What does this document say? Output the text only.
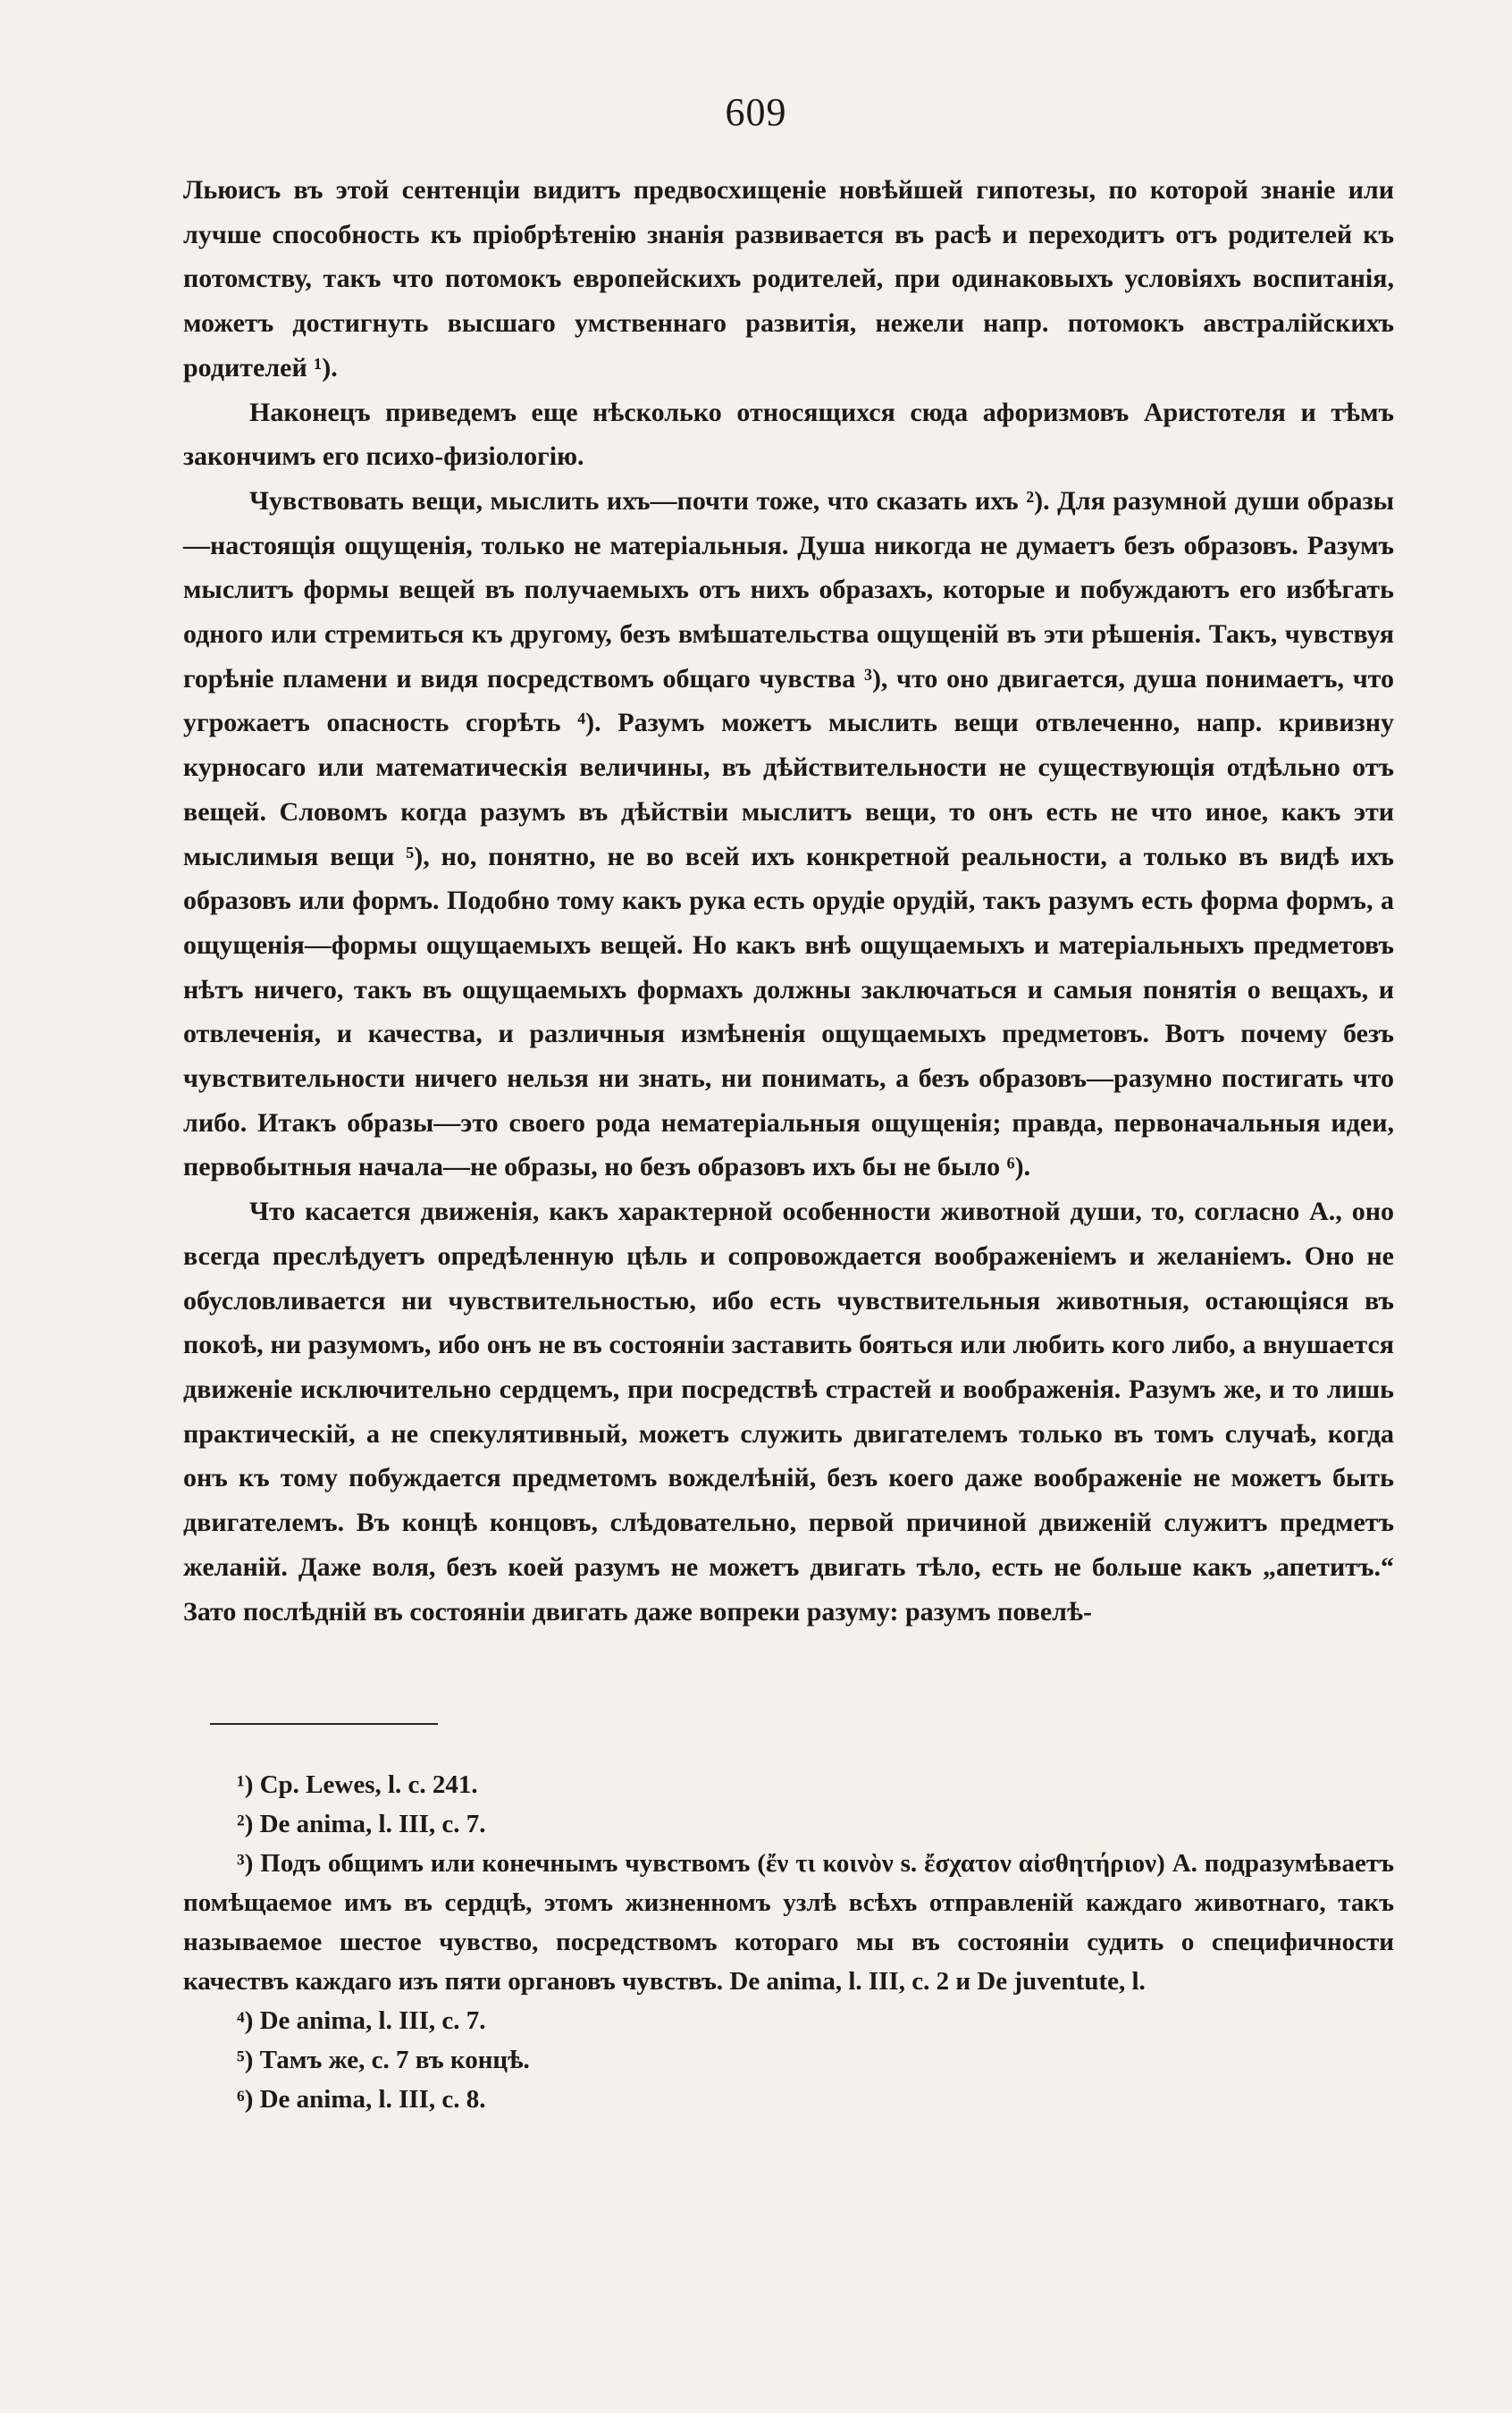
609

Льюисъ въ этой сентенціи видитъ предвосхищеніе новѣйшей гипотезы, по которой знаніе или лучше способность къ пріобрѣтенію знанія развивается въ расѣ и переходитъ отъ родителей къ потомству, такъ что потомокъ европейскихъ родителей, при одинаковыхъ условіяхъ воспитанія, можетъ достигнуть высшаго умственнаго развитія, нежели напр. потомокъ австралійскихъ родителей ¹).

Наконецъ приведемъ еще нѣсколько относящихся сюда афоризмовъ Аристотеля и тѣмъ закончимъ его психо-физіологію.

Чувствовать вещи, мыслить ихъ—почти тоже, что сказать ихъ ²). Для разумной души образы—настоящія ощущенія, только не матеріальныя. Душа никогда не думаетъ безъ образовъ. Разумъ мыслитъ формы вещей въ получаемыхъ отъ нихъ образахъ, которые и побуждаютъ его избѣгать одного или стремиться къ другому, безъ вмѣшательства ощущеній въ эти рѣшенія. Такъ, чувствуя горѣніе пламени и видя посредствомъ общаго чувства ³), что оно двигается, душа понимаетъ, что угрожаетъ опасность сгорѣть ⁴). Разумъ можетъ мыслить вещи отвлеченно, напр. кривизну курносаго или математическія величины, въ дѣйствительности не существующія отдѣльно отъ вещей. Словомъ когда разумъ въ дѣйствіи мыслитъ вещи, то онъ есть не что иное, какъ эти мыслимыя вещи ⁵), но, понятно, не во всей ихъ конкретной реальности, а только въ видѣ ихъ образовъ или формъ. Подобно тому какъ рука есть орудіе орудій, такъ разумъ есть форма формъ, а ощущенія—формы ощущаемыхъ вещей. Но какъ внѣ ощущаемыхъ и матеріальныхъ предметовъ нѣтъ ничего, такъ въ ощущаемыхъ формахъ должны заключаться и самыя понятія о вещахъ, и отвлеченія, и качества, и различныя измѣненія ощущаемыхъ предметовъ. Вотъ почему безъ чувствительности ничего нельзя ни знать, ни понимать, а безъ образовъ—разумно постигать что либо. Итакъ образы—это своего рода нематеріальныя ощущенія; правда, первоначальныя идеи, первобытныя начала—не образы, но безъ образовъ ихъ бы не было ⁶).

Что касается движенія, какъ характерной особенности животной души, то, согласно А., оно всегда преслѣдуетъ опредѣленную цѣль и сопровождается воображеніемъ и желаніемъ. Оно не обусловливается ни чувствительностью, ибо есть чувствительныя животныя, остающіяся въ покоѣ, ни разумомъ, ибо онъ не въ состояніи заставить бояться или любить кого либо, а внушается движеніе исключительно сердцемъ, при посредствѣ страстей и воображенія. Разумъ же, и то лишь практическій, а не спекулятивный, можетъ служить двигателемъ только въ томъ случаѣ, когда онъ къ тому побуждается предметомъ вожделѣній, безъ коего даже воображеніе не можетъ быть двигателемъ. Въ концѣ концовъ, слѣдовательно, первой причиной движеній служитъ предметъ желаній. Даже воля, безъ коей разумъ не можетъ двигать тѣло, есть не больше какъ „апетитъ.“ Зато послѣдній въ состояніи двигать даже вопреки разуму: разумъ повелѣ-

¹) Ср. Lewes, l. c. 241.

²) De anima, l. III, c. 7.

³) Подъ общимъ или конечнымъ чувствомъ (ἔν τι κοινὸν s. ἔσχατον αἰσθητήριον) А. подразумѣваетъ помѣщаемое имъ въ сердцѣ, этомъ жизненномъ узлѣ всѣхъ отправленій каждаго животнаго, такъ называемое шестое чувство, посредствомъ котораго мы въ состояніи судить о специфичности качествъ каждаго изъ пяти органовъ чувствъ. De anima, l. III, c. 2 и De juventute, l.

⁴) De anima, l. III, c. 7.

⁵) Тамъ же, c. 7 въ концѣ.

⁶) De anima, l. III, c. 8.
